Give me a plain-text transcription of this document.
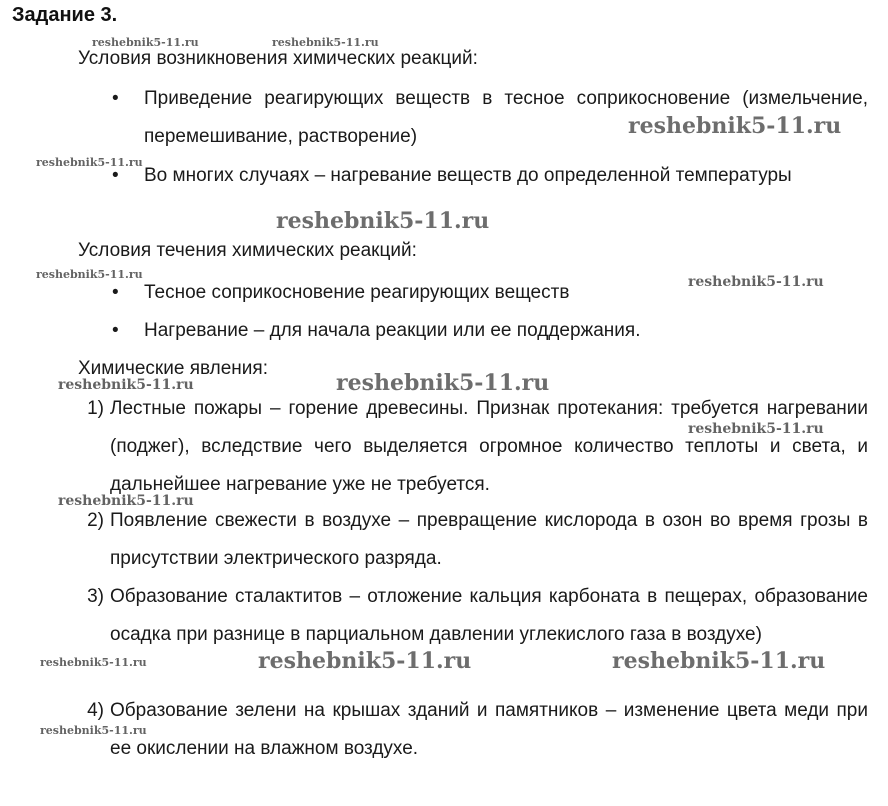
Задание 3.
Условия возникновения химических реакций:
• Приведение реагирующих веществ в тесное соприкосновение (измельчение, перемешивание, растворение)
• Во многих случаях – нагревание веществ до определенной температуры
Условия течения химических реакций:
• Тесное соприкосновение реагирующих веществ
• Нагревание – для начала реакции или ее поддержания.
Химические явления:
1) Лестные пожары – горение древесины. Признак протекания: требуется нагревании (поджег), вследствие чего выделяется огромное количество теплоты и света, и дальнейшее нагревание уже не требуется.
2) Появление свежести в воздухе – превращение кислорода в озон во время грозы в присутствии электрического разряда.
3) Образование сталактитов – отложение кальция карбоната в пещерах, образование осадка при разнице в парциальном давлении углекислого газа в воздухе)
4) Образование зелени на крышах зданий и памятников – изменение цвета меди при ее окислении на влажном воздухе.
reshebnik5-11.ru	reshebnik5-11.ru
reshebnik5-11.ru
reshebnik5-11.ru
reshebnik5-11.ru
reshebnik5-11.ru	reshebnik5-11.ru
reshebnik5-11.ru
reshebnik5-11.ru
reshebnik5-11.ru
reshebnik5-11.ru
reshebnik5-11.ru	reshebnik5-11.ru	reshebnik5-11.ru
reshebnik5-11.ru
